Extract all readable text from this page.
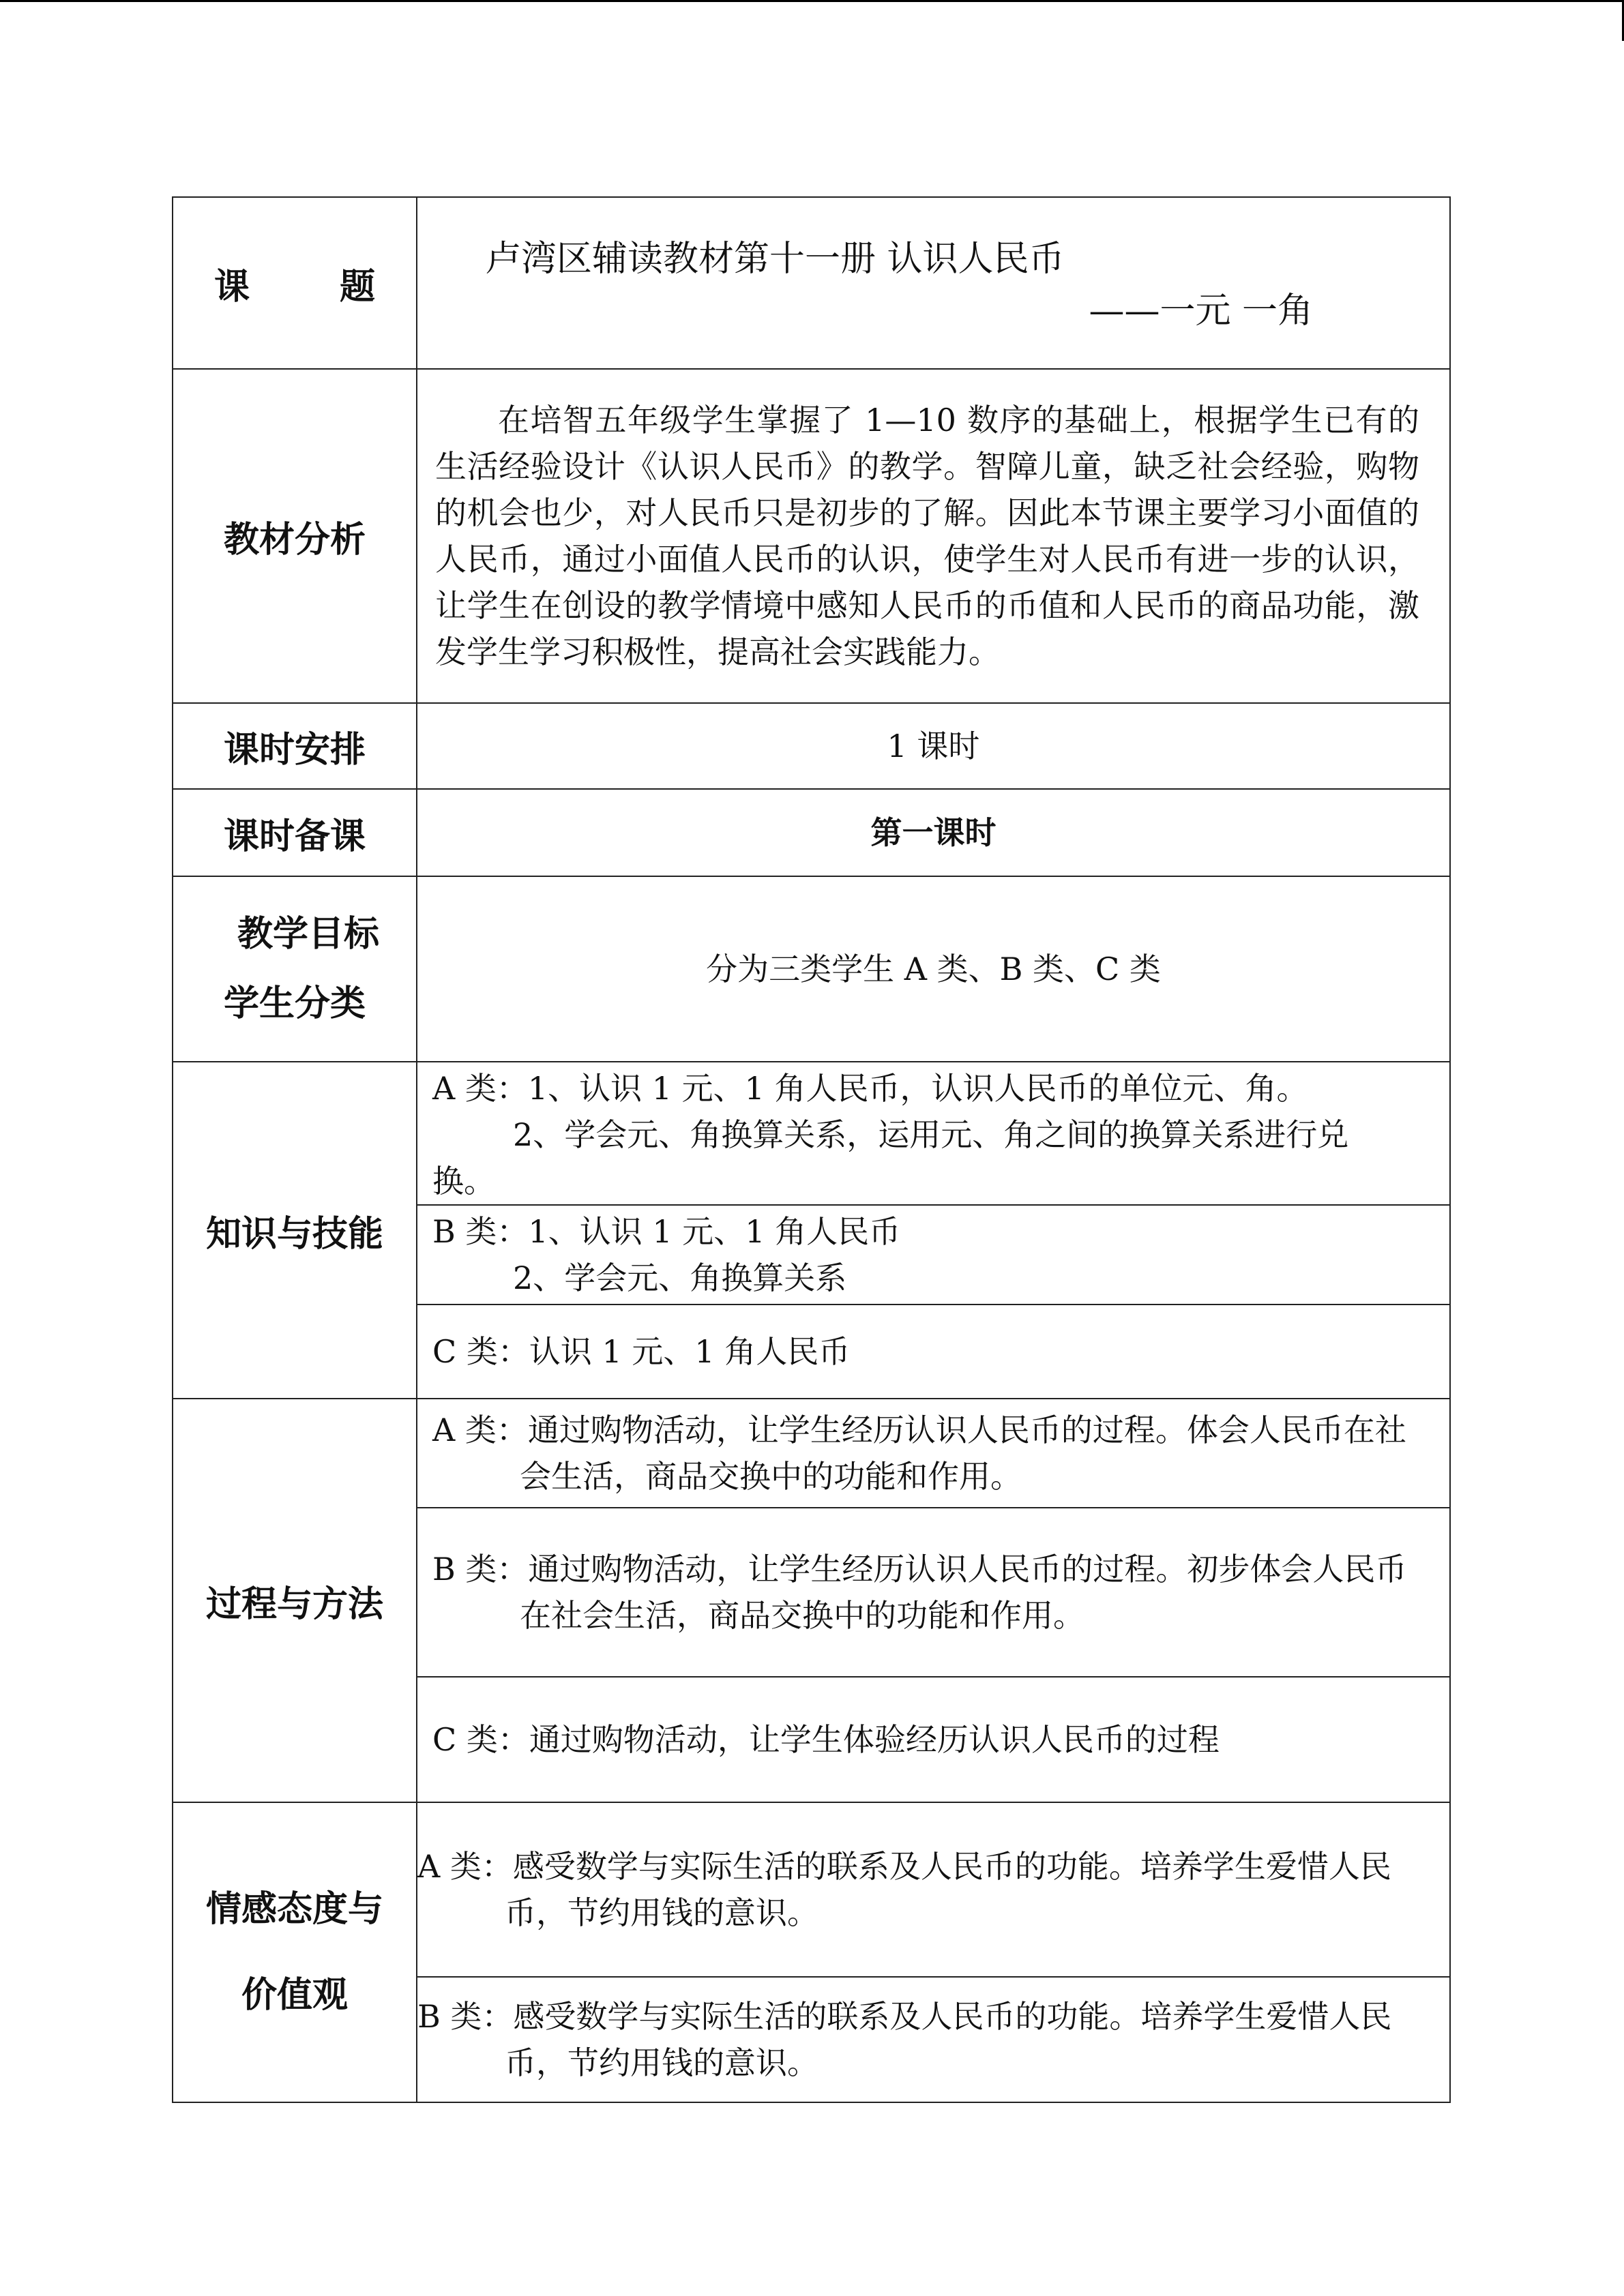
课 题	卢湾区辅读教材第十一册 认识人民币
——一元 一角

教材分析	在培智五年级学生掌握了 1—10 数序的基础上，根据学生已有的生活经验设计《认识人民币》的教学。智障儿童，缺乏社会经验，购物的机会也少，对人民币只是初步的了解。因此本节课主要学习小面值的人民币，通过小面值人民币的认识，使学生对人民币有进一步的认识，让学生在创设的教学情境中感知人民币的币值和人民币的商品功能，激发学生学习积极性，提高社会实践能力。

课时安排	1 课时
课时备课	第一课时

教学目标
学生分类	分为三类学生 A 类、B 类、C 类
知识与技能	A 类：1、认识 1 元、1 角人民币，认识人民币的单位元、角。
2、学会元、角换算关系，运用元、角之间的换算关系进行兑
换。

	B 类：1、认识 1 元、1 角人民币
2、学会元、角换算关系

	C 类：认识 1 元、1 角人民币

过程与方法	A 类：通过购物活动，让学生经历认识人民币的过程。体会人民币在社会生活，商品交换中的功能和作用。

	B 类：通过购物活动，让学生经历认识人民币的过程。初步体会人民币在社会生活，商品交换中的功能和作用。

	C 类：通过购物活动，让学生体验经历认识人民币的过程

情感态度与
价值观	A 类：感受数学与实际生活的联系及人民币的功能。培养学生爱惜人民币，节约用钱的意识。

	B 类：感受数学与实际生活的联系及人民币的功能。培养学生爱惜人民币，节约用钱的意识。
